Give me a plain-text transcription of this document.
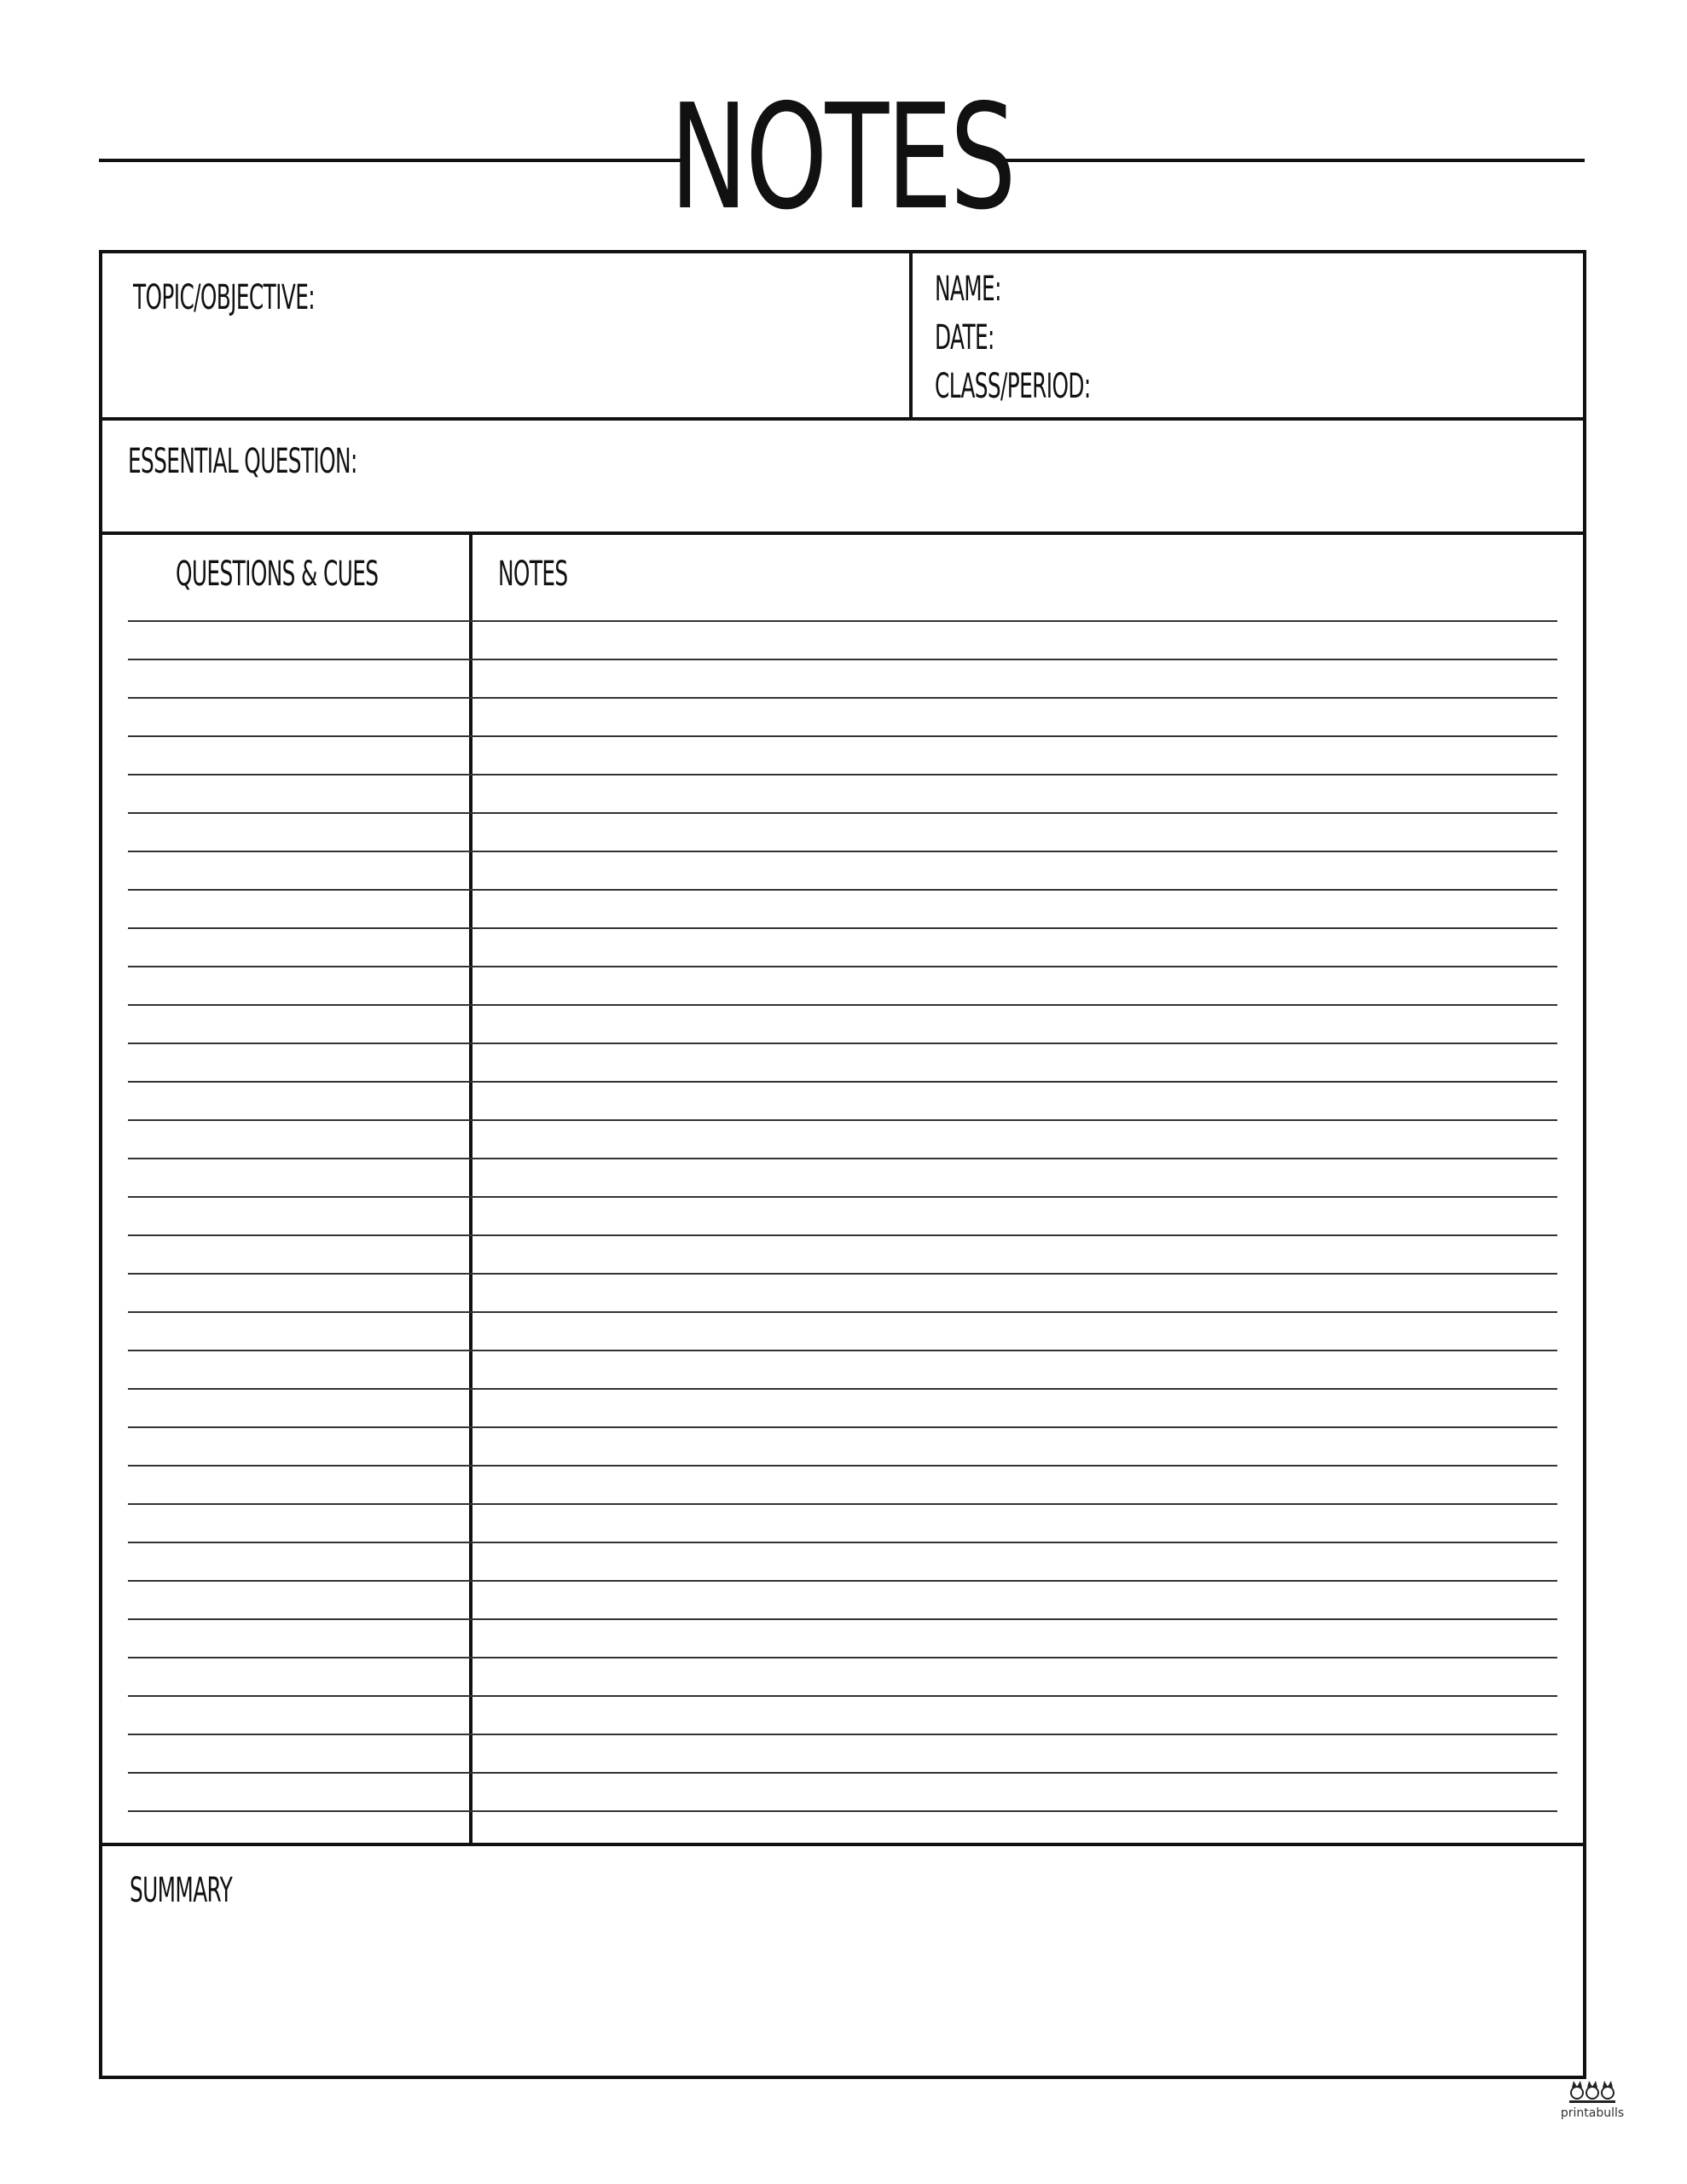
NOTES
TOPIC/OBJECTIVE:	NAME:
DATE:
CLASS/PERIOD:
ESSENTIAL QUESTION:
QUESTIONS & CUES	NOTES
SUMMARY
printabulls
